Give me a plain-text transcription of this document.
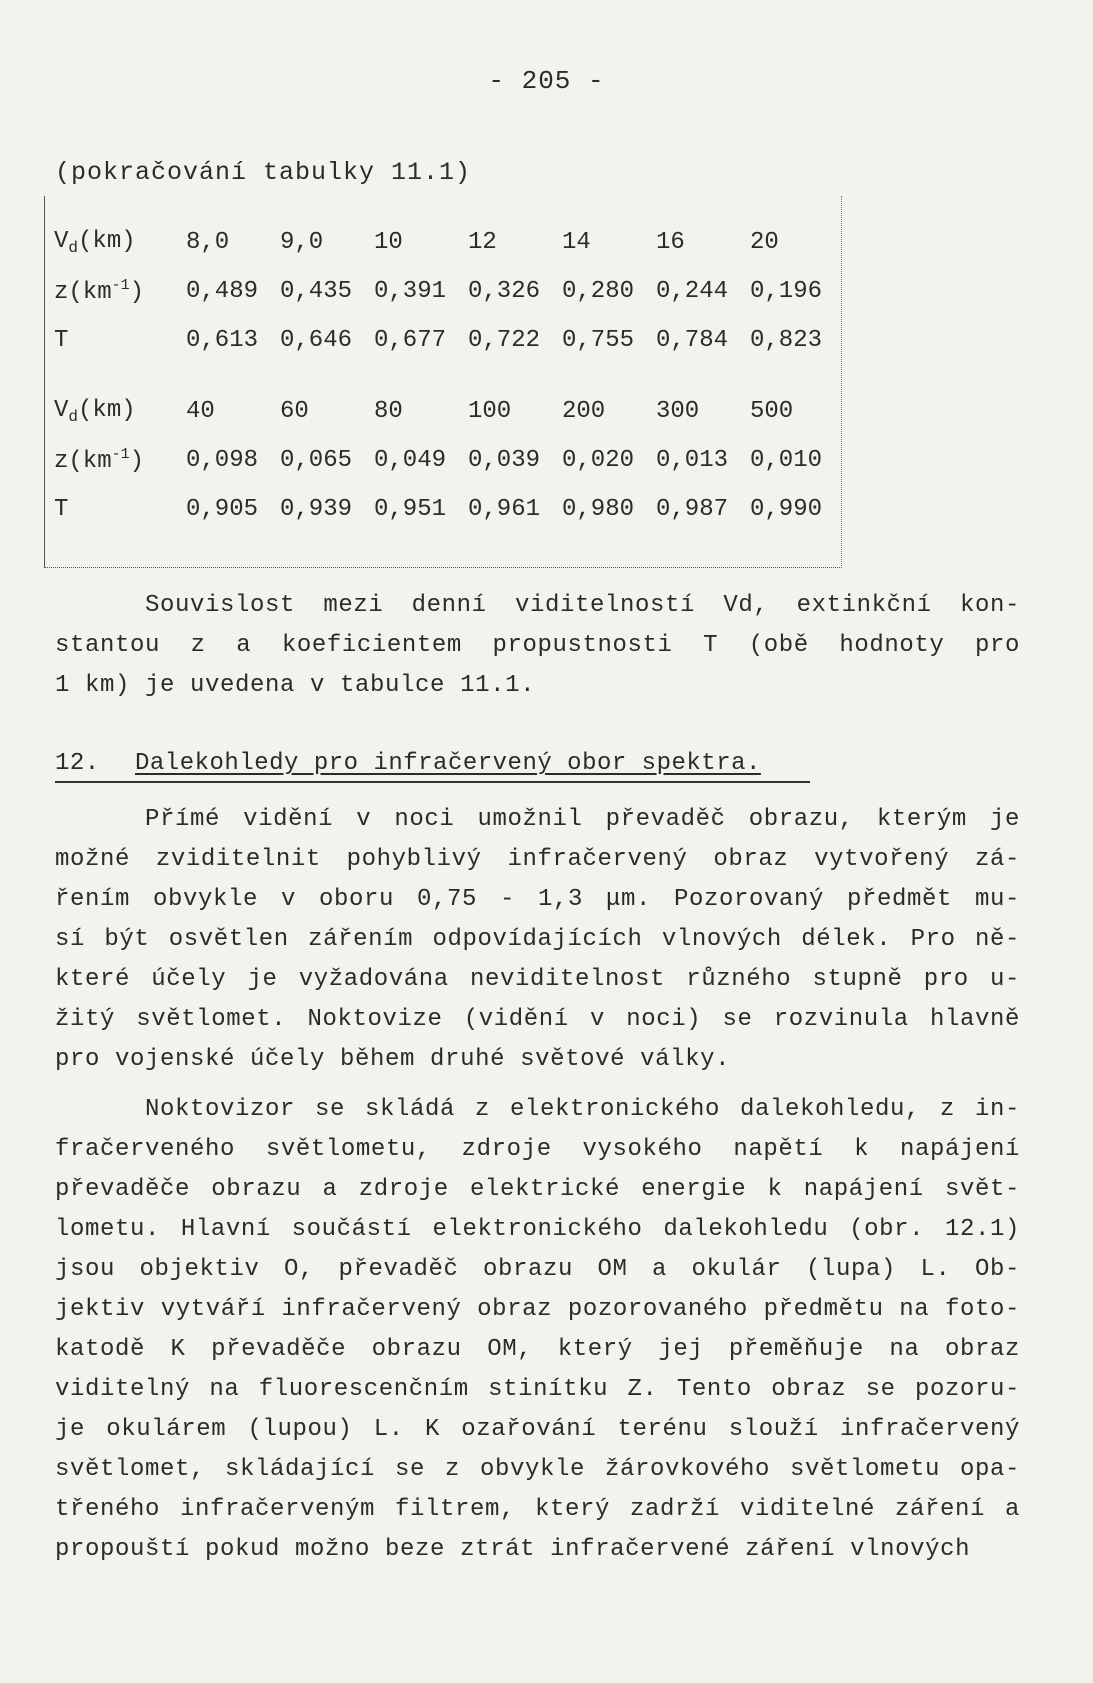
- 205 -
(pokračování tabulky 11.1)
$V_d(km)$	8,0	9,0	10	12	14	16	20
$z(km^{-1})$	0,489	0,435	0,391	0,326	0,280	0,244	0,196
T	0,613	0,646	0,677	0,722	0,755	0,784	0,823

$V_d(km)$	40	60	80	100	200	300	500
$z(km^{-1})$	0,098	0,065	0,049	0,039	0,020	0,013	0,010
T	0,905	0,939	0,951	0,961	0,980	0,987	0,990

Souvislost mezi denní viditelností Vd, extinkční kon-

stantou z a koeficientem propustnosti T (obě hodnoty pro

1 km) je uvedena v tabulce 11.1.

12. Dalekohledy pro infračervený obor spektra.

Přímé vidění v noci umožnil převaděč obrazu, kterým je

možné zviditelnit pohyblivý infračervený obraz vytvořený zá-

řením obvykle v oboru 0,75 - 1,3 μm. Pozorovaný předmět mu-

sí být osvětlen zářením odpovídajících vlnových délek. Pro ně-

které účely je vyžadována neviditelnost různého stupně pro u-

žitý světlomet. Noktovize (vidění v noci) se rozvinula hlavně

pro vojenské účely během druhé světové války.

Noktovizor se skládá z elektronického dalekohledu, z in-

fračerveného světlometu, zdroje vysokého napětí k napájení

převaděče obrazu a zdroje elektrické energie k napájení svět-

lometu. Hlavní součástí elektronického dalekohledu (obr. 12.1)

jsou objektiv O, převaděč obrazu OM a okulár (lupa) L. Ob-

jektiv vytváří infračervený obraz pozorovaného předmětu na foto-

katodě K převaděče obrazu OM, který jej přeměňuje na obraz

viditelný na fluorescenčním stinítku Z. Tento obraz se pozoru-

je okulárem (lupou) L. K ozařování terénu slouží infračervený

světlomet, skládající se z obvykle žárovkového světlometu opa-

třeného infračerveným filtrem, který zadrží viditelné záření a

propouští pokud možno beze ztrát infračervené záření vlnových
